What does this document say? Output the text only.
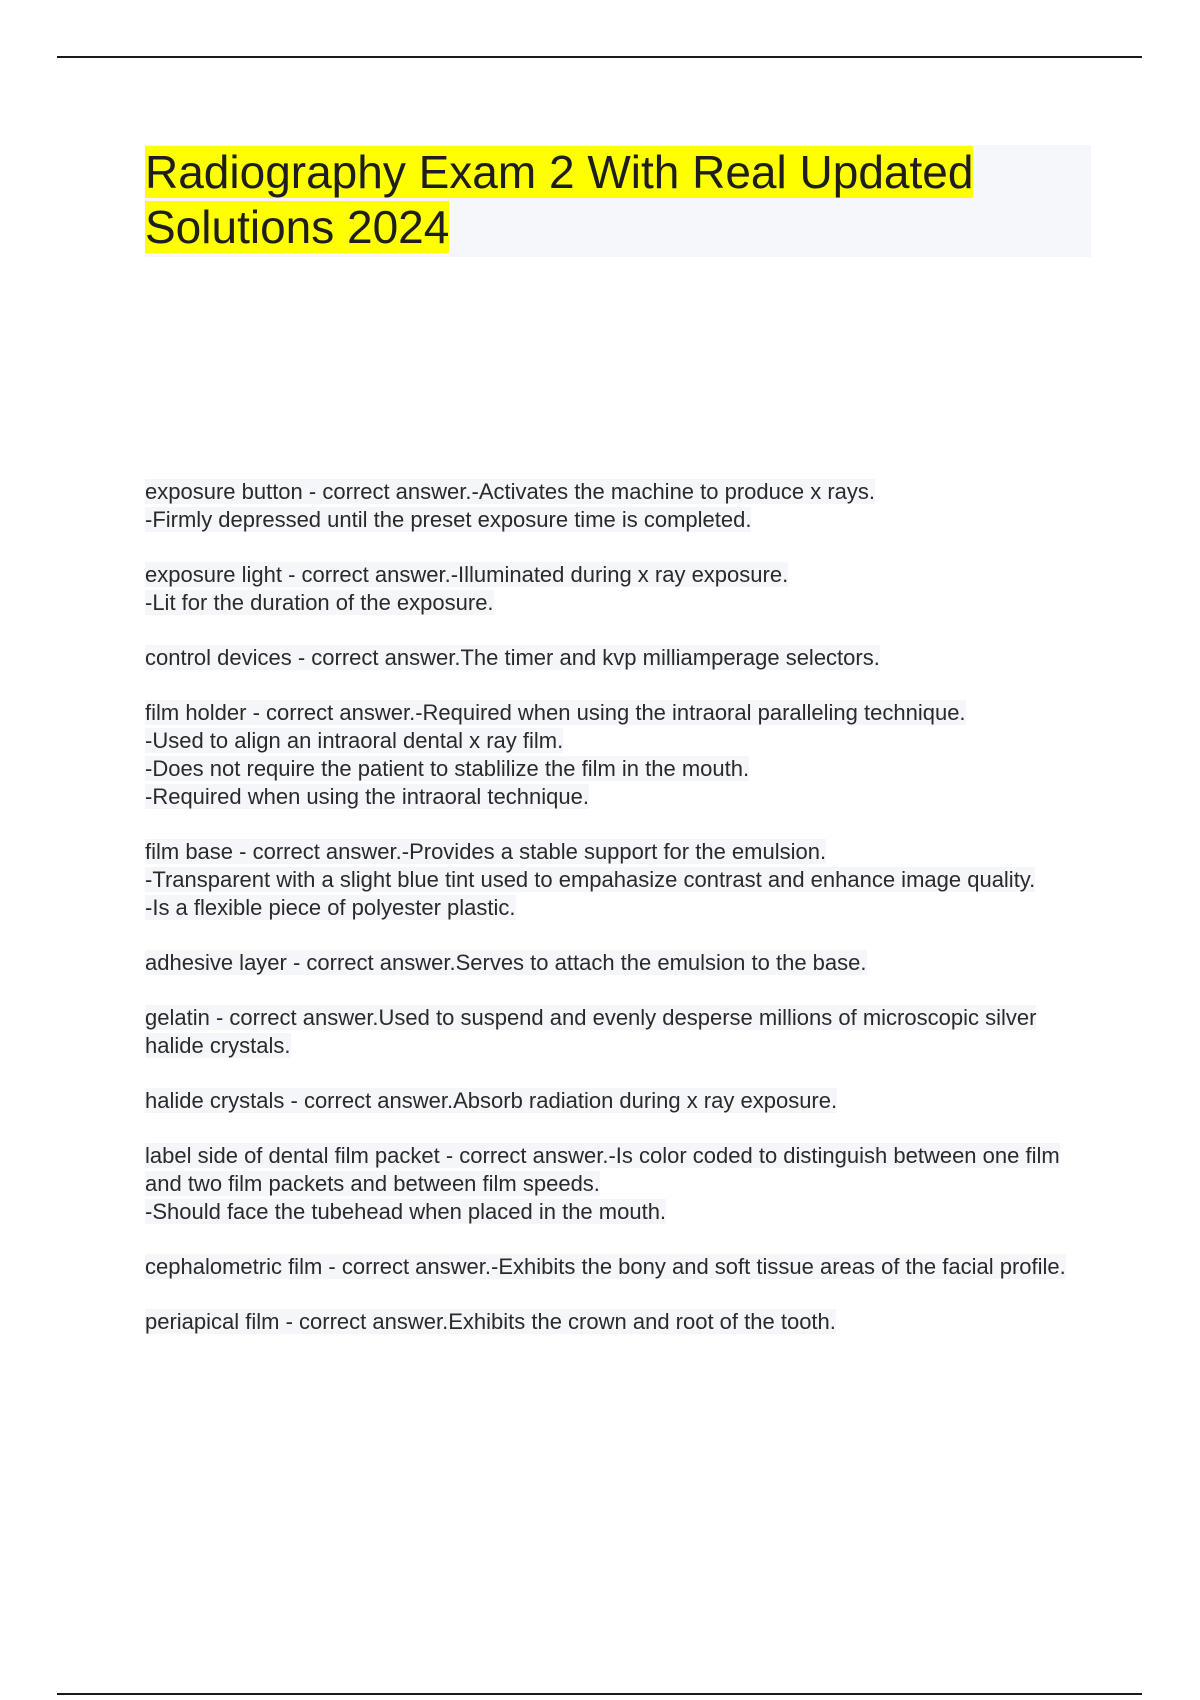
Radiography Exam 2 With Real Updated Solutions 2024
exposure button - correct answer.-Activates the machine to produce x rays.
-Firmly depressed until the preset exposure time is completed.
exposure light - correct answer.-Illuminated during x ray exposure.
-Lit for the duration of the exposure.
control devices - correct answer.The timer and kvp milliamperage selectors.
film holder - correct answer.-Required when using the intraoral paralleling technique.
-Used to align an intraoral dental x ray film.
-Does not require the patient to stablilize the film in the mouth.
-Required when using the intraoral technique.
film base - correct answer.-Provides a stable support for the emulsion.
-Transparent with a slight blue tint used to empahasize contrast and enhance image quality.
-Is a flexible piece of polyester plastic.
adhesive layer - correct answer.Serves to attach the emulsion to the base.
gelatin - correct answer.Used to suspend and evenly desperse millions of microscopic silver halide crystals.
halide crystals - correct answer.Absorb radiation during x ray exposure.
label side of dental film packet - correct answer.-Is color coded to distinguish between one film and two film packets and between film speeds.
-Should face the tubehead when placed in the mouth.
cephalometric film - correct answer.-Exhibits the bony and soft tissue areas of the facial profile.
periapical film - correct answer.Exhibits the crown and root of the tooth.
